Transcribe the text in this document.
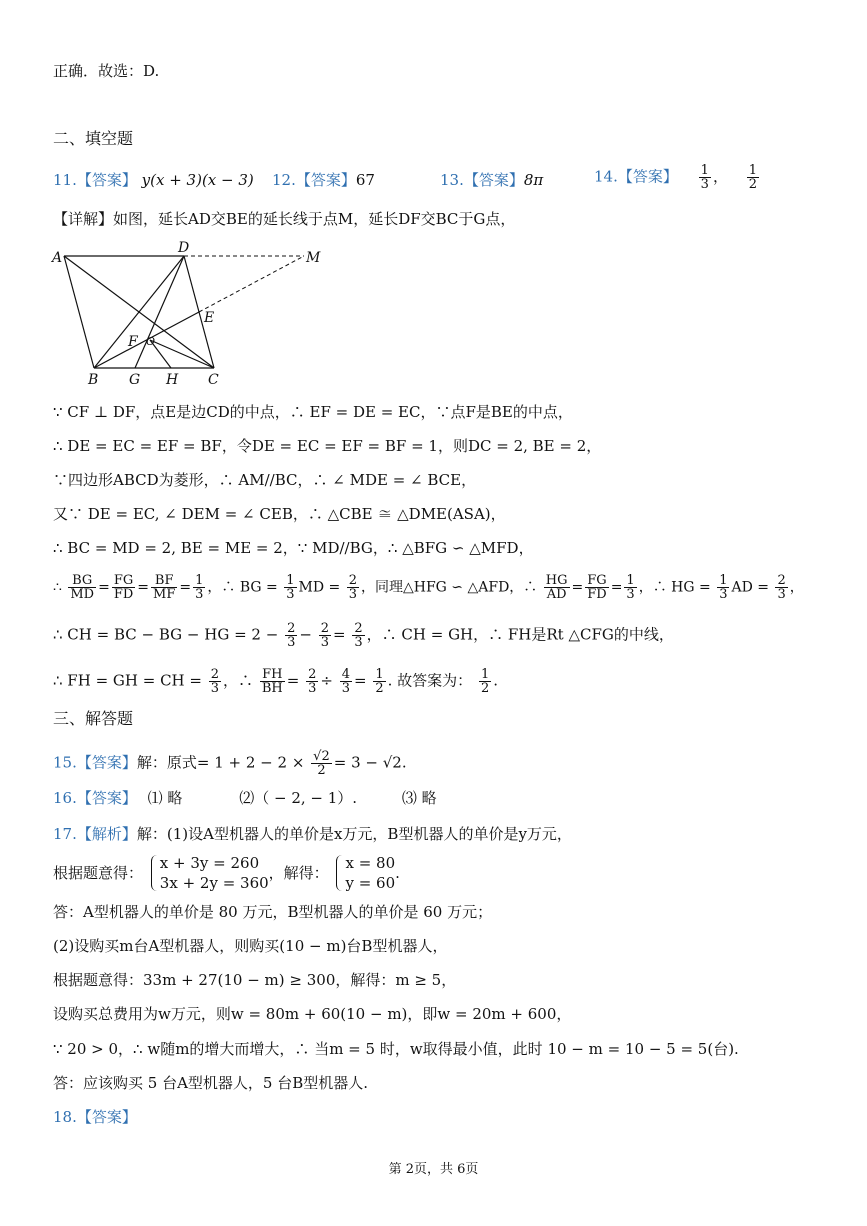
正确．故选：D.
二、填空题
11.【答案】 y(x + 3)(x − 3) 12.【答案】67	13.【答案】8π	14.【答案】 $\frac{1}{3}$ ， $\frac{1}{2}$
【详解】如图，延长AD交BE的延长线于点M，延长DF交BC于G点，
A
D
M
E
F O
B G H C
∵ CF ⊥ DF，点E是边CD的中点，∴ EF = DE = EC，∵点F是BE的中点，
∴ DE = EC = EF = BF，令DE = EC = EF = BF = 1，则DC = 2, BE = 2，
∵四边形ABCD为菱形，∴ AM//BC，∴ ∠ MDE = ∠ BCE，
又∵ DE = EC, ∠ DEM = ∠ CEB，∴ △CBE ≅ △DME(ASA)，
∴ BC = MD = 2, BE = ME = 2，∵ MD//BG，∴ △BFG ∽ △MFD，
∴ $\frac{BG}{MD} = \frac{FG}{FD} = \frac{BF}{MF} = \frac{1}{3}$ ，∴ BG = $\frac{1}{3}$ MD = $\frac{2}{3}$ ，同理△HFG ∽ △AFD，∴ $\frac{HG}{AD} = \frac{FG}{FD} = \frac{1}{3}$ ，∴ HG = $\frac{1}{3}$ AD = $\frac{2}{3}$ ，
∴ CH = BC − BG − HG = $2 - \frac{2}{3} - \frac{2}{3} = \frac{2}{3}$ ，∴ CH = GH，∴ FH是Rt △CFG的中线，
∴ FH = GH = CH = $\frac{2}{3}$ ，∴ $\frac{FH}{BH} = \frac{2}{3} \div \frac{4}{3} = \frac{1}{2}$ . 故答案为： $\frac{1}{2}$ .
三、解答题
15.【答案】解：原式= $1 + 2 - 2 \times \frac{√2}{2} = 3 - √2$.
16.【答案】 ⑴ 略	⑵（ − 2, − 1）.	⑶ 略
17.【解析】解：(1)设A型机器人的单价是x万元，B型机器人的单价是y万元，
根据题意得：
x + 3y = 260
3x + 2y = 360
，解得：
x = 80
y = 60
.
答：A型机器人的单价是 80 万元，B型机器人的单价是 60 万元；
(2)设购买m台A型机器人，则购买(10 − m)台B型机器人，
根据题意得：33m + 27(10 − m) ≥ 300，解得：m ≥ 5，
设购买总费用为w万元，则w = 80m + 60(10 − m)，即w = 20m + 600，
∵ 20 > 0，∴ w随m的增大而增大，∴ 当m = 5 时，w取得最小值，此时 10 − m = 10 − 5 = 5(台).
答：应该购买 5 台A型机器人，5 台B型机器人.
18.【答案】
第 2页，共 6页
